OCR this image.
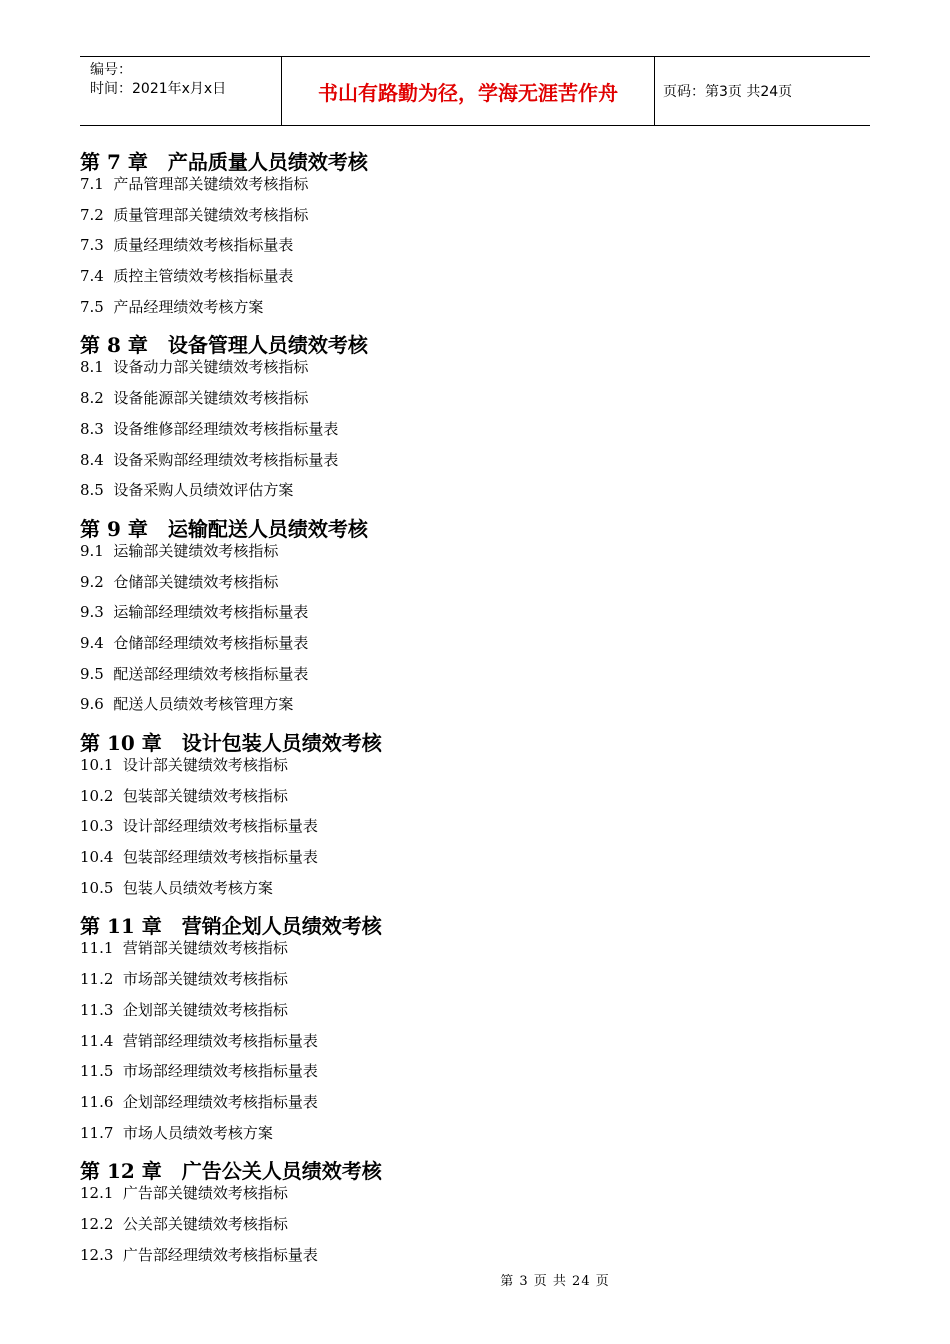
编号：
时间：2021年x月x日	书山有路勤为径，学海无涯苦作舟	页码：第3页 共24页
第 7 章　产品质量人员绩效考核
7.1  产品管理部关键绩效考核指标
7.2  质量管理部关键绩效考核指标
7.3  质量经理绩效考核指标量表
7.4  质控主管绩效考核指标量表
7.5  产品经理绩效考核方案
第 8 章　设备管理人员绩效考核
8.1  设备动力部关键绩效考核指标
8.2  设备能源部关键绩效考核指标
8.3  设备维修部经理绩效考核指标量表
8.4  设备采购部经理绩效考核指标量表
8.5  设备采购人员绩效评估方案
第 9 章　运输配送人员绩效考核
9.1  运输部关键绩效考核指标
9.2  仓储部关键绩效考核指标
9.3  运输部经理绩效考核指标量表
9.4  仓储部经理绩效考核指标量表
9.5  配送部经理绩效考核指标量表
9.6  配送人员绩效考核管理方案
第 10 章　设计包装人员绩效考核
10.1  设计部关键绩效考核指标
10.2  包装部关键绩效考核指标
10.3  设计部经理绩效考核指标量表
10.4  包装部经理绩效考核指标量表
10.5  包装人员绩效考核方案
第 11 章　营销企划人员绩效考核
11.1  营销部关键绩效考核指标
11.2  市场部关键绩效考核指标
11.3  企划部关键绩效考核指标
11.4  营销部经理绩效考核指标量表
11.5  市场部经理绩效考核指标量表
11.6  企划部经理绩效考核指标量表
11.7  市场人员绩效考核方案
第 12 章　广告公关人员绩效考核
12.1  广告部关键绩效考核指标
12.2  公关部关键绩效考核指标
12.3  广告部经理绩效考核指标量表
第 3 页 共 24 页
